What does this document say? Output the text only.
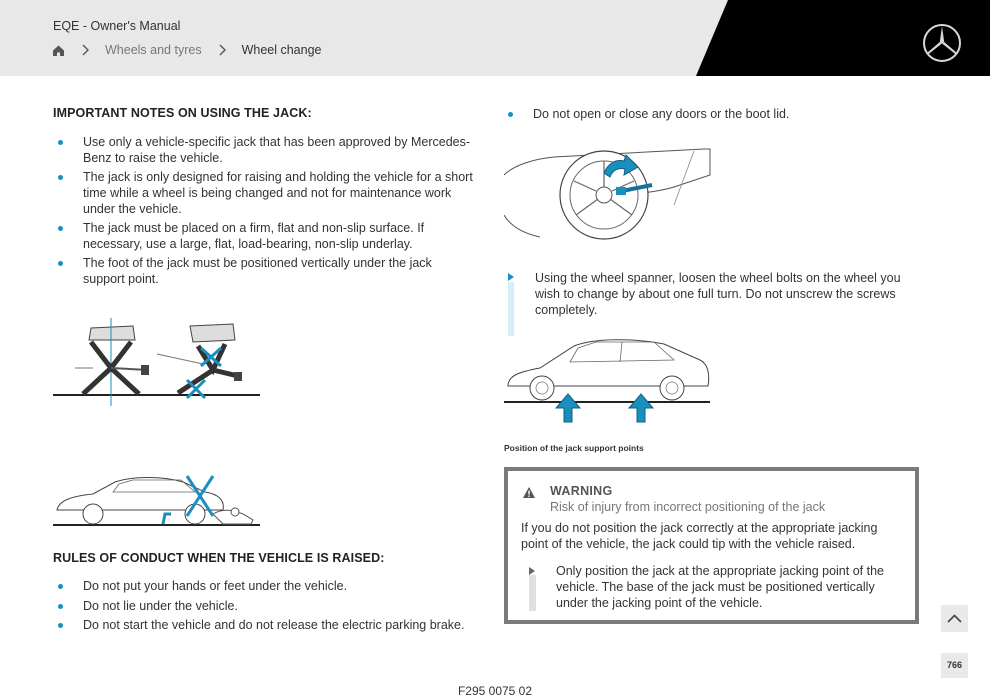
EQE - Owner's Manual
Wheels and tyres	Wheel change
IMPORTANT NOTES ON USING THE JACK:
Use only a vehicle-specific jack that has been approved by Mercedes-Benz to raise the vehicle.
The jack is only designed for raising and holding the vehicle for a short time while a wheel is being changed and not for maintenance work under the vehicle.
The jack must be placed on a firm, flat and non-slip surface. If necessary, use a large, flat, load-bearing, non-slip underlay.
The foot of the jack must be positioned vertically under the jack support point.
RULES OF CONDUCT WHEN THE VEHICLE IS RAISED:
Do not put your hands or feet under the vehicle.
Do not lie under the vehicle.
Do not start the vehicle and do not release the electric parking brake.
Do not open or close any doors or the boot lid.
Using the wheel spanner, loosen the wheel bolts on the wheel you wish to change by about one full turn. Do not unscrew the screws completely.
Position of the jack support points
WARNING
Risk of injury from incorrect positioning of the jack
If you do not position the jack correctly at the appropriate jacking point of the vehicle, the jack could tip with the vehicle raised.
Only position the jack at the appropriate jacking point of the vehicle. The base of the jack must be positioned vertically under the jacking point of the vehicle.
F295 0075 02
766
